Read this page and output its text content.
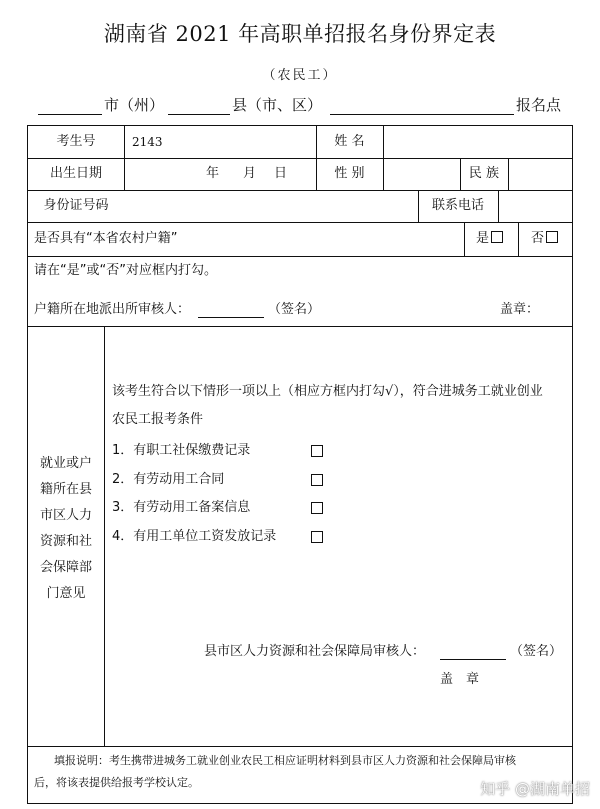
湖南省 2021 年高职单招报名身份界定表
（农民工）
市（州）	县（市、区）	报名点
考生号	2143	姓 名
出生日期	年 月 日	性 别	民 族
身份证号码	联系电话
是否具有“本省农村户籍”	是	否
请在“是”或“否”对应框内打勾。
户籍所在地派出所审核人：	（签名）	盖章：
就业或户
籍所在县
市区人力
资源和社
会保障部
门意见
该考生符合以下情形一项以上（相应方框内打勾√），符合进城务工就业创业
农民工报考条件
1．有职工社保缴费记录
2．有劳动用工合同
3．有劳动用工备案信息
4．有用工单位工资发放记录
县市区人力资源和社会保障局审核人：	（签名）
盖　章
填报说明：考生携带进城务工就业创业农民工相应证明材料到县市区人力资源和社会保障局审核
后，将该表提供给报考学校认定。	知乎 @湖南单招
